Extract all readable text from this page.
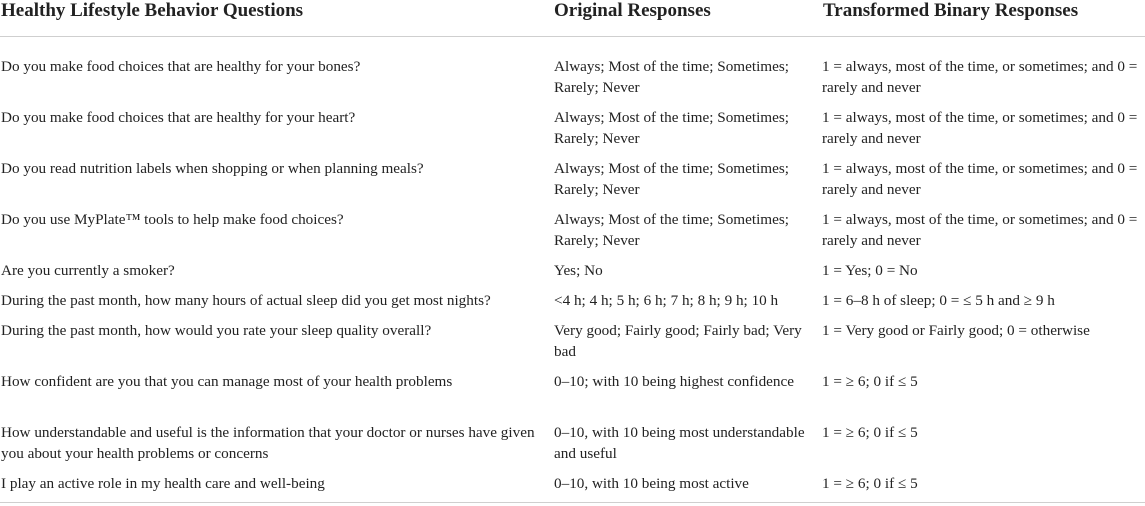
Healthy Lifestyle Behavior Questions	Original Responses	Transformed Binary Responses
Do you make food choices that are healthy for your bones?	Always; Most of the time; Sometimes; Rarely; Never	1 = always, most of the time, or sometimes; and 0 = rarely and never
Do you make food choices that are healthy for your heart?	Always; Most of the time; Sometimes; Rarely; Never	1 = always, most of the time, or sometimes; and 0 = rarely and never
Do you read nutrition labels when shopping or when planning meals?	Always; Most of the time; Sometimes; Rarely; Never	1 = always, most of the time, or sometimes; and 0 = rarely and never
Do you use MyPlate™ tools to help make food choices?	Always; Most of the time; Sometimes; Rarely; Never	1 = always, most of the time, or sometimes; and 0 = rarely and never
Are you currently a smoker?	Yes; No	1 = Yes; 0 = No
During the past month, how many hours of actual sleep did you get most nights?	<4 h; 4 h; 5 h; 6 h; 7 h; 8 h; 9 h; 10 h	1 = 6–8 h of sleep; 0 = ≤ 5 h and ≥ 9 h
During the past month, how would you rate your sleep quality overall?	Very good; Fairly good; Fairly bad; Very bad	1 = Very good or Fairly good; 0 = otherwise
How confident are you that you can manage most of your health problems	0–10; with 10 being highest confidence	1 = ≥ 6; 0 if ≤ 5
How understandable and useful is the information that your doctor or nurses have given you about your health problems or concerns	0–10, with 10 being most understandable and useful	1 = ≥ 6; 0 if ≤ 5
I play an active role in my health care and well-being	0–10, with 10 being most active	1 = ≥ 6; 0 if ≤ 5
